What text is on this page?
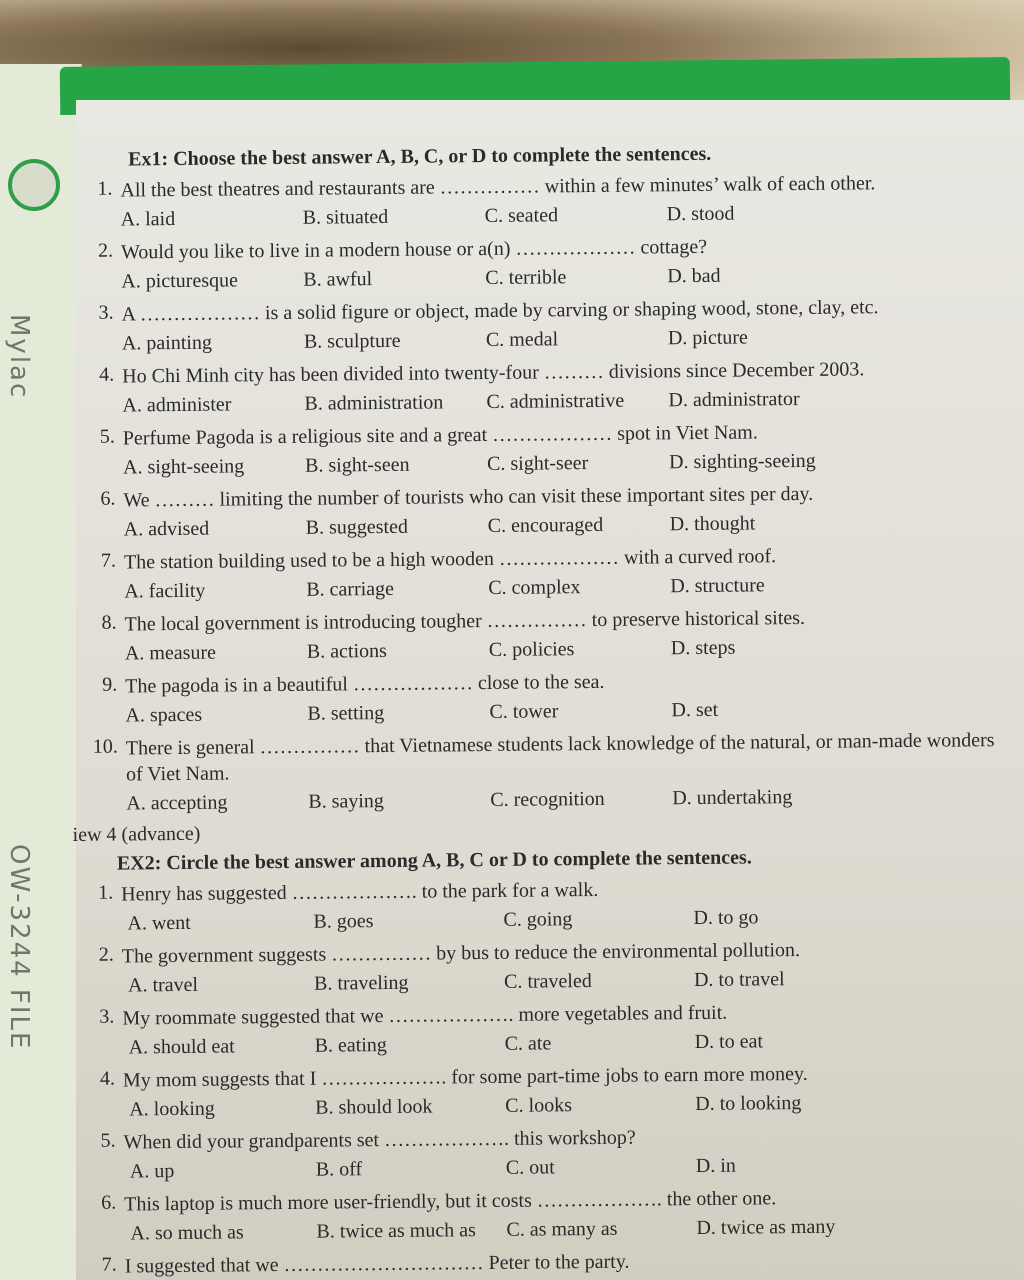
Mylac
OW-3244 FILE
Ex1: Choose the best answer A, B, C, or D to complete the sentences.
1. All the best theatres and restaurants are …………… within a few minutes’ walk of each other.
A. laid	B. situated	C. seated	D. stood
2. Would you like to live in a modern house or a(n) ……………… cottage?
A. picturesque	B. awful	C. terrible	D. bad
3. A ……………… is a solid figure or object, made by carving or shaping wood, stone, clay, etc.
A. painting	B. sculpture	C. medal	D. picture
4. Ho Chi Minh city has been divided into twenty-four ……… divisions since December 2003.
A. administer	B. administration	C. administrative	D. administrator
5. Perfume Pagoda is a religious site and a great ……………… spot in Viet Nam.
A. sight-seeing	B. sight-seen	C. sight-seer	D. sighting-seeing
6. We ……… limiting the number of tourists who can visit these important sites per day.
A. advised	B. suggested	C. encouraged	D. thought
7. The station building used to be a high wooden ……………… with a curved roof.
A. facility	B. carriage	C. complex	D. structure
8. The local government is introducing tougher …………… to preserve historical sites.
A. measure	B. actions	C. policies	D. steps
9. The pagoda is in a beautiful ……………… close to the sea.
A. spaces	B. setting	C. tower	D. set
10. There is general …………… that Vietnamese students lack knowledge of the natural, or man-made wonders of Viet Nam.
A. accepting	B. saying	C. recognition	D. undertaking
iew 4 (advance)
EX2: Circle the best answer among A, B, C or D to complete the sentences.
1. Henry has suggested ………………. to the park for a walk.
A. went	B. goes	C. going	D. to go
2. The government suggests …………… by bus to reduce the environmental pollution.
A. travel	B. traveling	C. traveled	D. to travel
3. My roommate suggested that we ………………. more vegetables and fruit.
A. should eat	B. eating	C. ate	D. to eat
4. My mom suggests that I ………………. for some part-time jobs to earn more money.
A. looking	B. should look	C. looks	D. to looking
5. When did your grandparents set ………………. this workshop?
A. up	B. off	C. out	D. in
6. This laptop is much more user-friendly, but it costs ………………. the other one.
A. so much as	B. twice as much as	C. as many as	D. twice as many
7. I suggested that we ………………………… Peter to the party.
